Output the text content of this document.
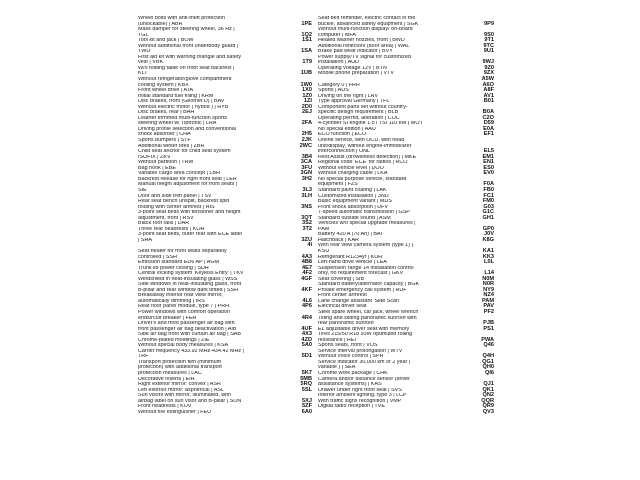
Wheel bolts with anti-theft protection
(unlockable) | ABR
Mass damper for steering wheel, 36 Hz |
TGL
Tool kit and jack | BOW
Without additional front underbody guard |
TWU
First aid kit with warning triangle and safety
vest | VBK
W/o folding table on front seat backrest |
KLT
Without refrigerator/glove compartment
cooling system | KBX
Front wheel drive | ATA
Initial standard fuel filling | KRM
Disc brakes, front (Geomet D) | BAV
Without electric motor ( hybrid ) | HYB
Disc brakes, rear | BAH
Leather trimmed multi-function sports
steering wheel w/ Tiptronic | LRA
Driving profile selection and conventional
shock absorber | CHA
Sports bumpers | STF
Additional winter tires | ZBR
Child seat anchor for child seat system
ISOFIX | ZKV
Without partition | TRW
Bag hook | EBE
Variable cargo area concept | LBH
Backrest release for right front seat | LER
Manual height adjustment for front seats |
SIE
Door and side trim panel | TSV
Rear seat bench unsplit, backrest split
folding with center armrest | HIS
3-point seat belts with tensioner and height
adjustment, front | RSV
Black roof rails | DAR
Three rear headrests | KOH
3-point seat belts, outer rear with ECE label
| SHA

Seat heater for front seats separately
controlled | SSH
Emission standard EU6 AP | AGM
Trunk lid power closing | SDH
Central locking system 'Keyless Entry' | TKV
Windshield in heat-insulating glass | WSS
Side windows in heat-insulating glass, front
B-pillar and rear window dark tinted | SSH
Breakaway interior rear view mirror,
automatically dimming | IRS
Rear floor panel module, type 7 | PRH
Power windows with comfort operation
ends/rcuit breaker | FEH
Driver's and front passenger air bag with
front passenger air bag deactivation | AIB
Side air bag front with curtain air bag | SAB
Chrome-plated moldings | ZIE
Without special body measures | KSA
Carrier frequency 433.92 MHz-434.42 MHz |
TRF
Transport protection film (minimum
protection) with additional transport
protection measures | LAC
Decorative inserts | EIH
Right exterior mirror: convex | ASR
Left exterior mirror: aspherical | ASL
Sun visors with mirror, illuminated, with
airbag label on sun visor and B-pillar | SON
Front headrests | KOV
Without fire extinguisher | FEU

1PE

1Q2
1S1

1SA

1T9

1UB

1W0
1X0
1Z0
1ZI
2D0
2EJ

2FA

2H5
2JK
2WC

3B4
3CA
3FU
3GN
3H2

3L3
3LH

3NS

3QT
3S2
3T2

3ZU
4I

4A3
4B8
4E7
4F2
4GF

4KF

4L6
4P6

4R4

4UF
4X3
4ZD
5A0

5D1

5K7
5MB
5RQ
5SL

5XJ
5ZF
6A0
Seat belt reminder, electric contact in the
buckle, advanced safety equipment | SGK
Without multi-function display/ on-board
computer | MFA
Heated washer nozzles, front | BWD
Additional reflectors (door area) | WAL
Brake pad wear indicator | BVY
Power supply/TV signal for customized
installation | AUD
Operating voltage 12V | BTN
Mobile phone preparation | VTV

Category 0 | FRR
Sports | AUS
Driving on the right | LRV
Type approval Germany | TFL
Component parts set without country-
specific design requirement | BLB
Operating permit, alteration | COC
4-cylinder SI engine 1.5 l TSI 110 kW | MOT
No special edition | AAU
ECO function | ECO
Online service, with OCU, with head
unit/display, without engine-immobilizer
interconnection | ONL
Rest Assist (drowsiness detection) | MKE
Regional code 'ECE' for radios | RCO
Without vehicle level | DOO
Without charging cable | LKA
No special purpose vehicle, standard
equipment | FZS
Standard paint coating | LAK
Customized installation | 3ND
Basic equipment variant | MDS
Front shock absorption | DFV
7-speed automatic transmission | GSP
Standard outside sound | ASM
Vehicles w/o special upgrade measures |
PAM
Battery 420 A (70 Ah) | BAT
Hatchback | KAR
With rear view camera system (type 1) |
KSU
Refrigerant R1234yf | KUH
Left-hand drive vehicle | LEA
Suspension range 14 installation control
only, no requirement forecast | GKV
Seat covering | SIB
Standard battery/alternator capacity | BGK
Private emergency call system | RUF
Front center armrest
Lane change assistant 'Side Scan'
Electrical driver seat
Steel spare wheel, car jack, wheel wrench
Tilting and sliding panoramic sunroof with
rear panoramic sunroof
EL adjustable driver seat with memory
Tires 215/50 R18 93W optimized rolling
resistance | REI
Sports seats, front | VOS
Service interval prolongation | WTV
Without voice control | SPR
Service indicator 30,000 km or 2 year (
variable ) | SEA
Chrome work package | CHK
Camera and/or distance sensor (driver
assistance systems) | KAS
Drawer under right front seat | SVS
Interior ambient lighting, type 3 | LCP
With traffic signs recognition | VMP
Digital radio reception | TVE

9P9

9S0
9T1
9TC
9U1

9WJ
9Z0
9ZX
A5W
A6O
A8F
AV1
B01

B0A
C2O
D59
E0A
EF1

EL5
EM1
EN1
ES0
EV0

F0A
FB0
FC1
FM0
G03
G1C
GH1

GP0
J0V
K8G

KA1
KK3
L0L

L14
N0M
N0R
NY9
NZ4
PAM
PAV
PF2

PJB
PS1

PWA
Q46

Q4H
QG1
QH0
QI6

QJ1
QK1
QN2
QQR
QR9
QV3
